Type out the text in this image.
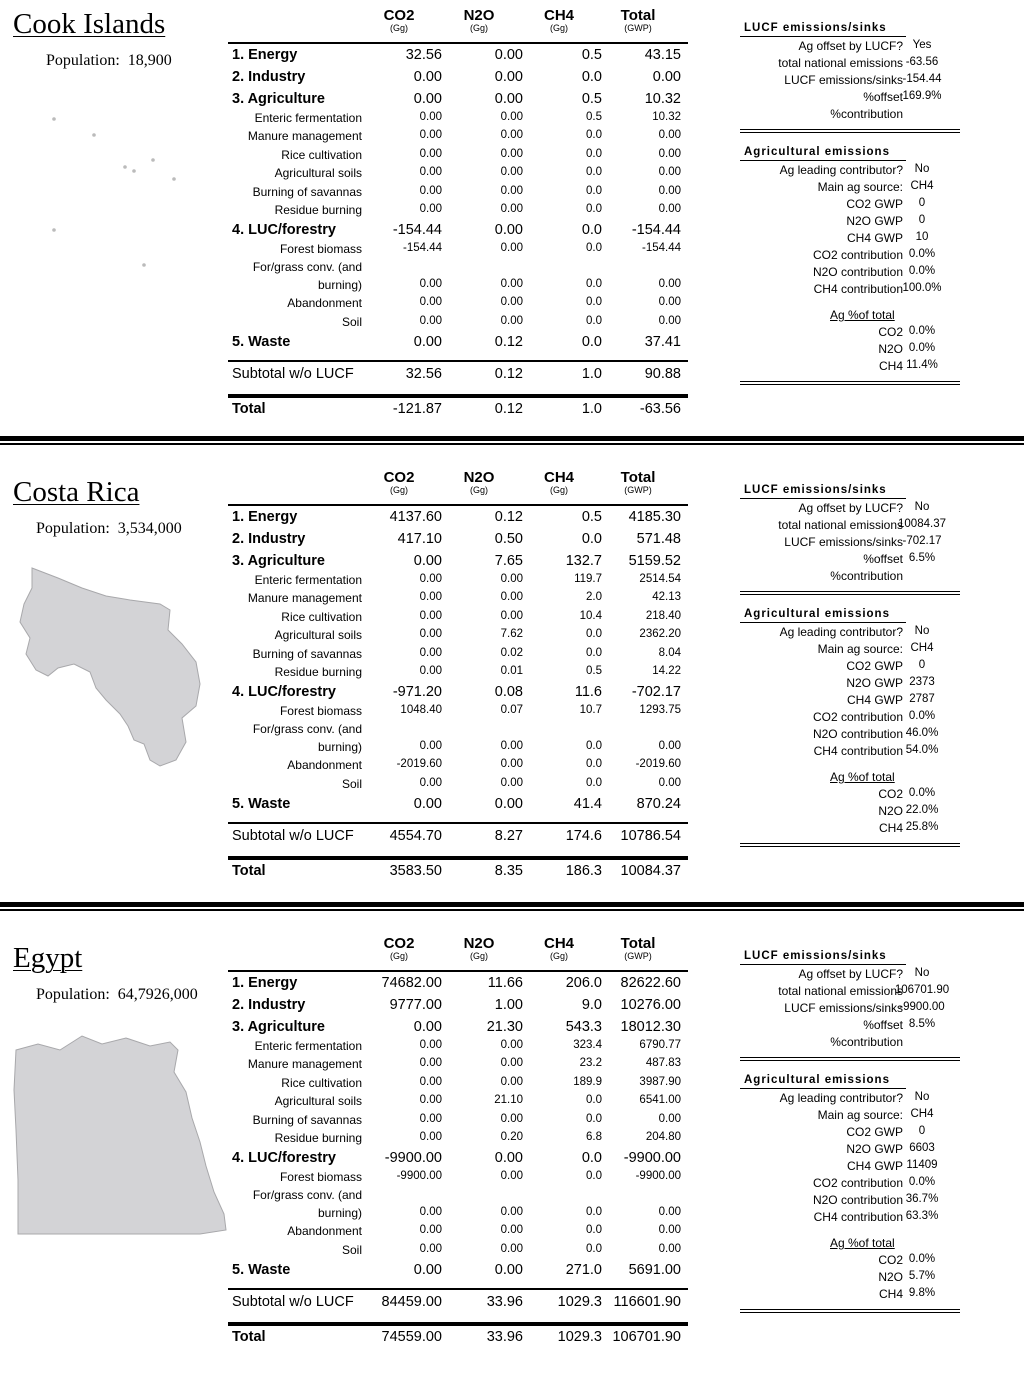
Cook Islands
Population: 18,900
CO2
(Gg)
N2O
(Gg)
CH4
(Gg)
Total
(GWP)
1. Energy	32.56	0.00	0.5	43.15
2. Industry	0.00	0.00	0.0	0.00
3. Agriculture	0.00	0.00	0.5	10.32
Enteric fermentation	0.00	0.00	0.5	10.32
Manure management	0.00	0.00	0.0	0.00
Rice cultivation	0.00	0.00	0.0	0.00
Agricultural soils	0.00	0.00	0.0	0.00
Burning of savannas	0.00	0.00	0.0	0.00
Residue burning	0.00	0.00	0.0	0.00
4. LUC/forestry	-154.44	0.00	0.0 -154.44
Forest biomass	-154.44	0.00	0.0	-154.44
For/grass conv. (and
burning)	0.00	0.00	0.0	0.00
Abandonment	0.00	0.00	0.0	0.00
Soil	0.00	0.00	0.0	0.00
5. Waste	0.00	0.12	0.0	37.41
Subtotal w/o LUCF	32.56	0.12	1.0	90.88
Total	-121.87	0.12	1.0	-63.56
LUCF emissions/sinks
Ag offset by LUCF? Yes
total national emissions -63.56
LUCF emissions/sinks -154.44
%offset 169.9%
%contribution
Agricultural emissions
Ag leading contributor?	No
Main ag source: CH4
CO2 GWP	0
N2O GWP	0
CH4 GWP	10
CO2 contribution 0.0%
N2O contribution 0.0%
CH4 contribution 100.0%
Ag %of total
CO2 0.0%
N2O 0.0%
CH4 11.4%
Costa Rica
Population: 3,534,000
CO2
(Gg)
N2O
(Gg)
CH4
(Gg)
Total
(GWP)
1. Energy	4137.60	0.12	0.5 4185.30
2. Industry	417.10	0.50	0.0 571.48
3. Agriculture	0.00	7.65	132.7 5159.52
Enteric fermentation	0.00	0.00	119.7	2514.54
Manure management	0.00	0.00	2.0	42.13
Rice cultivation	0.00	0.00	10.4	218.40
Agricultural soils	0.00	7.62	0.0	2362.20
Burning of savannas	0.00	0.02	0.0	8.04
Residue burning	0.00	0.01	0.5	14.22
4. LUC/forestry	-971.20	0.08	11.6 -702.17
Forest biomass	1048.40	0.07	10.7	1293.75
For/grass conv. (and
burning)	0.00	0.00	0.0	0.00
Abandonment	-2019.60	0.00	0.0	-2019.60
Soil	0.00	0.00	0.0	0.00
5. Waste	0.00	0.00	41.4 870.24
Subtotal w/o LUCF 4554.70	8.27	174.6 10786.54
Total	3583.50	8.35	186.3 10084.37
LUCF emissions/sinks
Ag offset by LUCF?	No
total national emissions
10084.37
LUCF emissions/sinks -702.17
%offset 6.5%
%contribution
Agricultural emissions
Ag leading contributor?	No
Main ag source: CH4
CO2 GWP	0
N2O GWP 2373
CH4 GWP 2787
CO2 contribution 0.0%
N2O contribution 46.0%
CH4 contribution 54.0%
Ag %of total
CO2 0.0%
N2O 22.0%
CH4 25.8%
Egypt
Population: 64,7926,000
CO2
(Gg)
N2O
(Gg)
CH4
(Gg)
Total
(GWP)
1. Energy	74682.00	11.66	206.0 82622.60
2. Industry	9777.00	1.00	9.0 10276.00
3. Agriculture	0.00	21.30	543.3 18012.30
Enteric fermentation	0.00	0.00	323.4	6790.77
Manure management	0.00	0.00	23.2	487.83
Rice cultivation	0.00	0.00	189.9	3987.90
Agricultural soils	0.00	21.10	0.0	6541.00
Burning of savannas	0.00	0.00	0.0	0.00
Residue burning	0.00	0.20	6.8	204.80
4. LUC/forestry	-9900.00	0.00	0.0 -9900.00
Forest biomass	-9900.00	0.00	0.0	-9900.00
For/grass conv. (and
burning)	0.00	0.00	0.0	0.00
Abandonment	0.00	0.00	0.0	0.00
Soil	0.00	0.00	0.0	0.00
5. Waste	0.00	0.00	271.0 5691.00
Subtotal w/o LUCF 84459.00	33.96 1029.3 116601.90
Total	74559.00	33.96 1029.3 106701.90
LUCF emissions/sinks
Ag offset by LUCF?	No
total national emissions
106701.90
LUCF emissions/sinks
-9900.00
%offset 8.5%
%contribution
Agricultural emissions
Ag leading contributor?	No
Main ag source: CH4
CO2 GWP	0
N2O GWP 6603
CH4 GWP 11409
CO2 contribution 0.0%
N2O contribution 36.7%
CH4 contribution 63.3%
Ag %of total
CO2 0.0%
N2O 5.7%
CH4 9.8%
